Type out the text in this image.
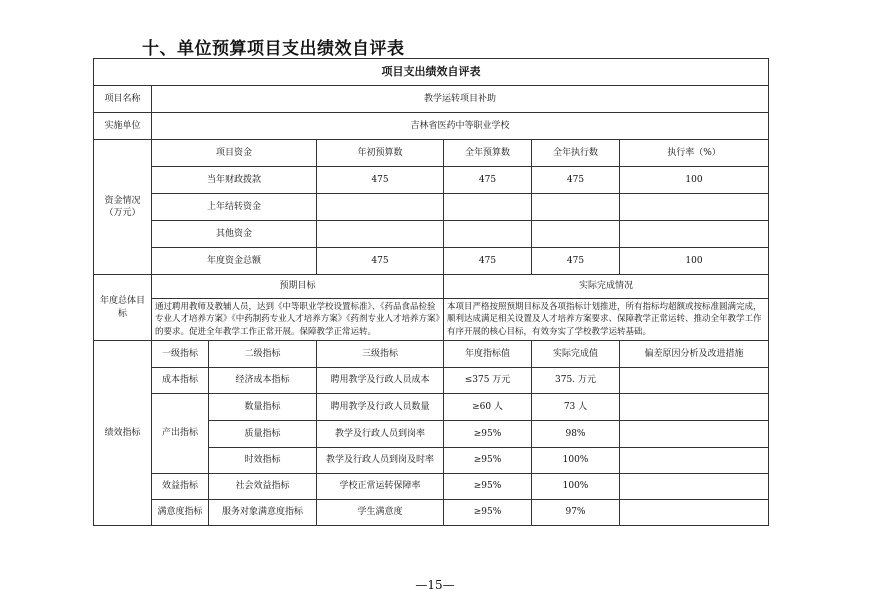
十、单位预算项目支出绩效自评表
项目支出绩效自评表						
项目名称	教学运转项目补助					
实施单位	吉林省医药中等职业学校					
资金情况
（万元）	项目资金		年初预算数	全年预算数	全年执行数	执行率（%）
	当年财政拨款		475	475	475	100
	上年结转资金					
	其他资金					
	年度资金总额		475	475	475	100
年度总体目标	预期目标			实际完成情况		
	通过聘用教师及教辅人员，达到《中等职业学校设置标准》、《药品食品检验专业人才培养方案》《中药制药专业人才培养方案》《药剂专业人才培养方案》的要求。促进全年教学工作正常开展。保障教学正常运转。			本项目严格按照预期目标及各项指标计划推进，所有指标均超额或按标准圆满完成，顺利达成满足相关设置及人才培养方案要求、保障教学正常运转、推动全年教学工作有序开展的核心目标，有效夯实了学校教学运转基础。		
绩效指标	一级指标	二级指标	三级指标	年度指标值	实际完成值	偏差原因分析及改进措施
	成本指标	经济成本指标	聘用教学及行政人员成本	≤375 万元	375. 万元	
	产出指标	数量指标	聘用教学及行政人员数量	≥60 人	73 人	
		质量指标	教学及行政人员到岗率	≥95%	98%	
		时效指标	教学及行政人员到岗及时率	≥95%	100%	
	效益指标	社会效益指标	学校正常运转保障率	≥95%	100%	
	满意度指标	服务对象满意度指标	学生满意度	≥95%	97%	
—15—
